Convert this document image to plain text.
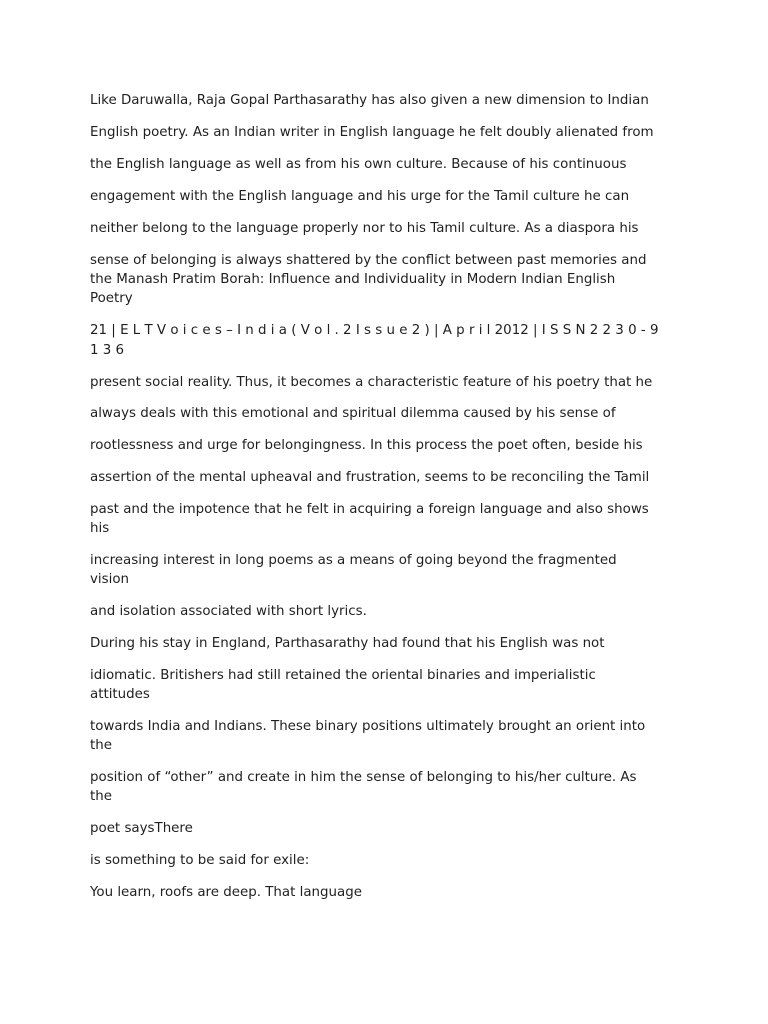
Like Daruwalla, Raja Gopal Parthasarathy has also given a new dimension to Indian

English poetry. As an Indian writer in English language he felt doubly alienated from

the English language as well as from his own culture. Because of his continuous

engagement with the English language and his urge for the Tamil culture he can

neither belong to the language properly nor to his Tamil culture. As a diaspora his

sense of belonging is always shattered by the conflict between past memories and

the Manash Pratim Borah: Influence and Individuality in Modern Indian English

Poetry

21 | E L T V o i c e s – I n d i a ( V o l . 2 I s s u e 2 ) | A p r i l 2012 | I S S N 2 2 3 0 - 9

1 3 6

present social reality. Thus, it becomes a characteristic feature of his poetry that he

always deals with this emotional and spiritual dilemma caused by his sense of

rootlessness and urge for belongingness. In this process the poet often, beside his

assertion of the mental upheaval and frustration, seems to be reconciling the Tamil

past and the impotence that he felt in acquiring a foreign language and also shows

his

increasing interest in long poems as a means of going beyond the fragmented

vision

and isolation associated with short lyrics.

During his stay in England, Parthasarathy had found that his English was not

idiomatic. Britishers had still retained the oriental binaries and imperialistic

attitudes

towards India and Indians. These binary positions ultimately brought an orient into

the

position of “other” and create in him the sense of belonging to his/her culture. As

the

poet saysThere

is something to be said for exile:

You learn, roofs are deep. That language
